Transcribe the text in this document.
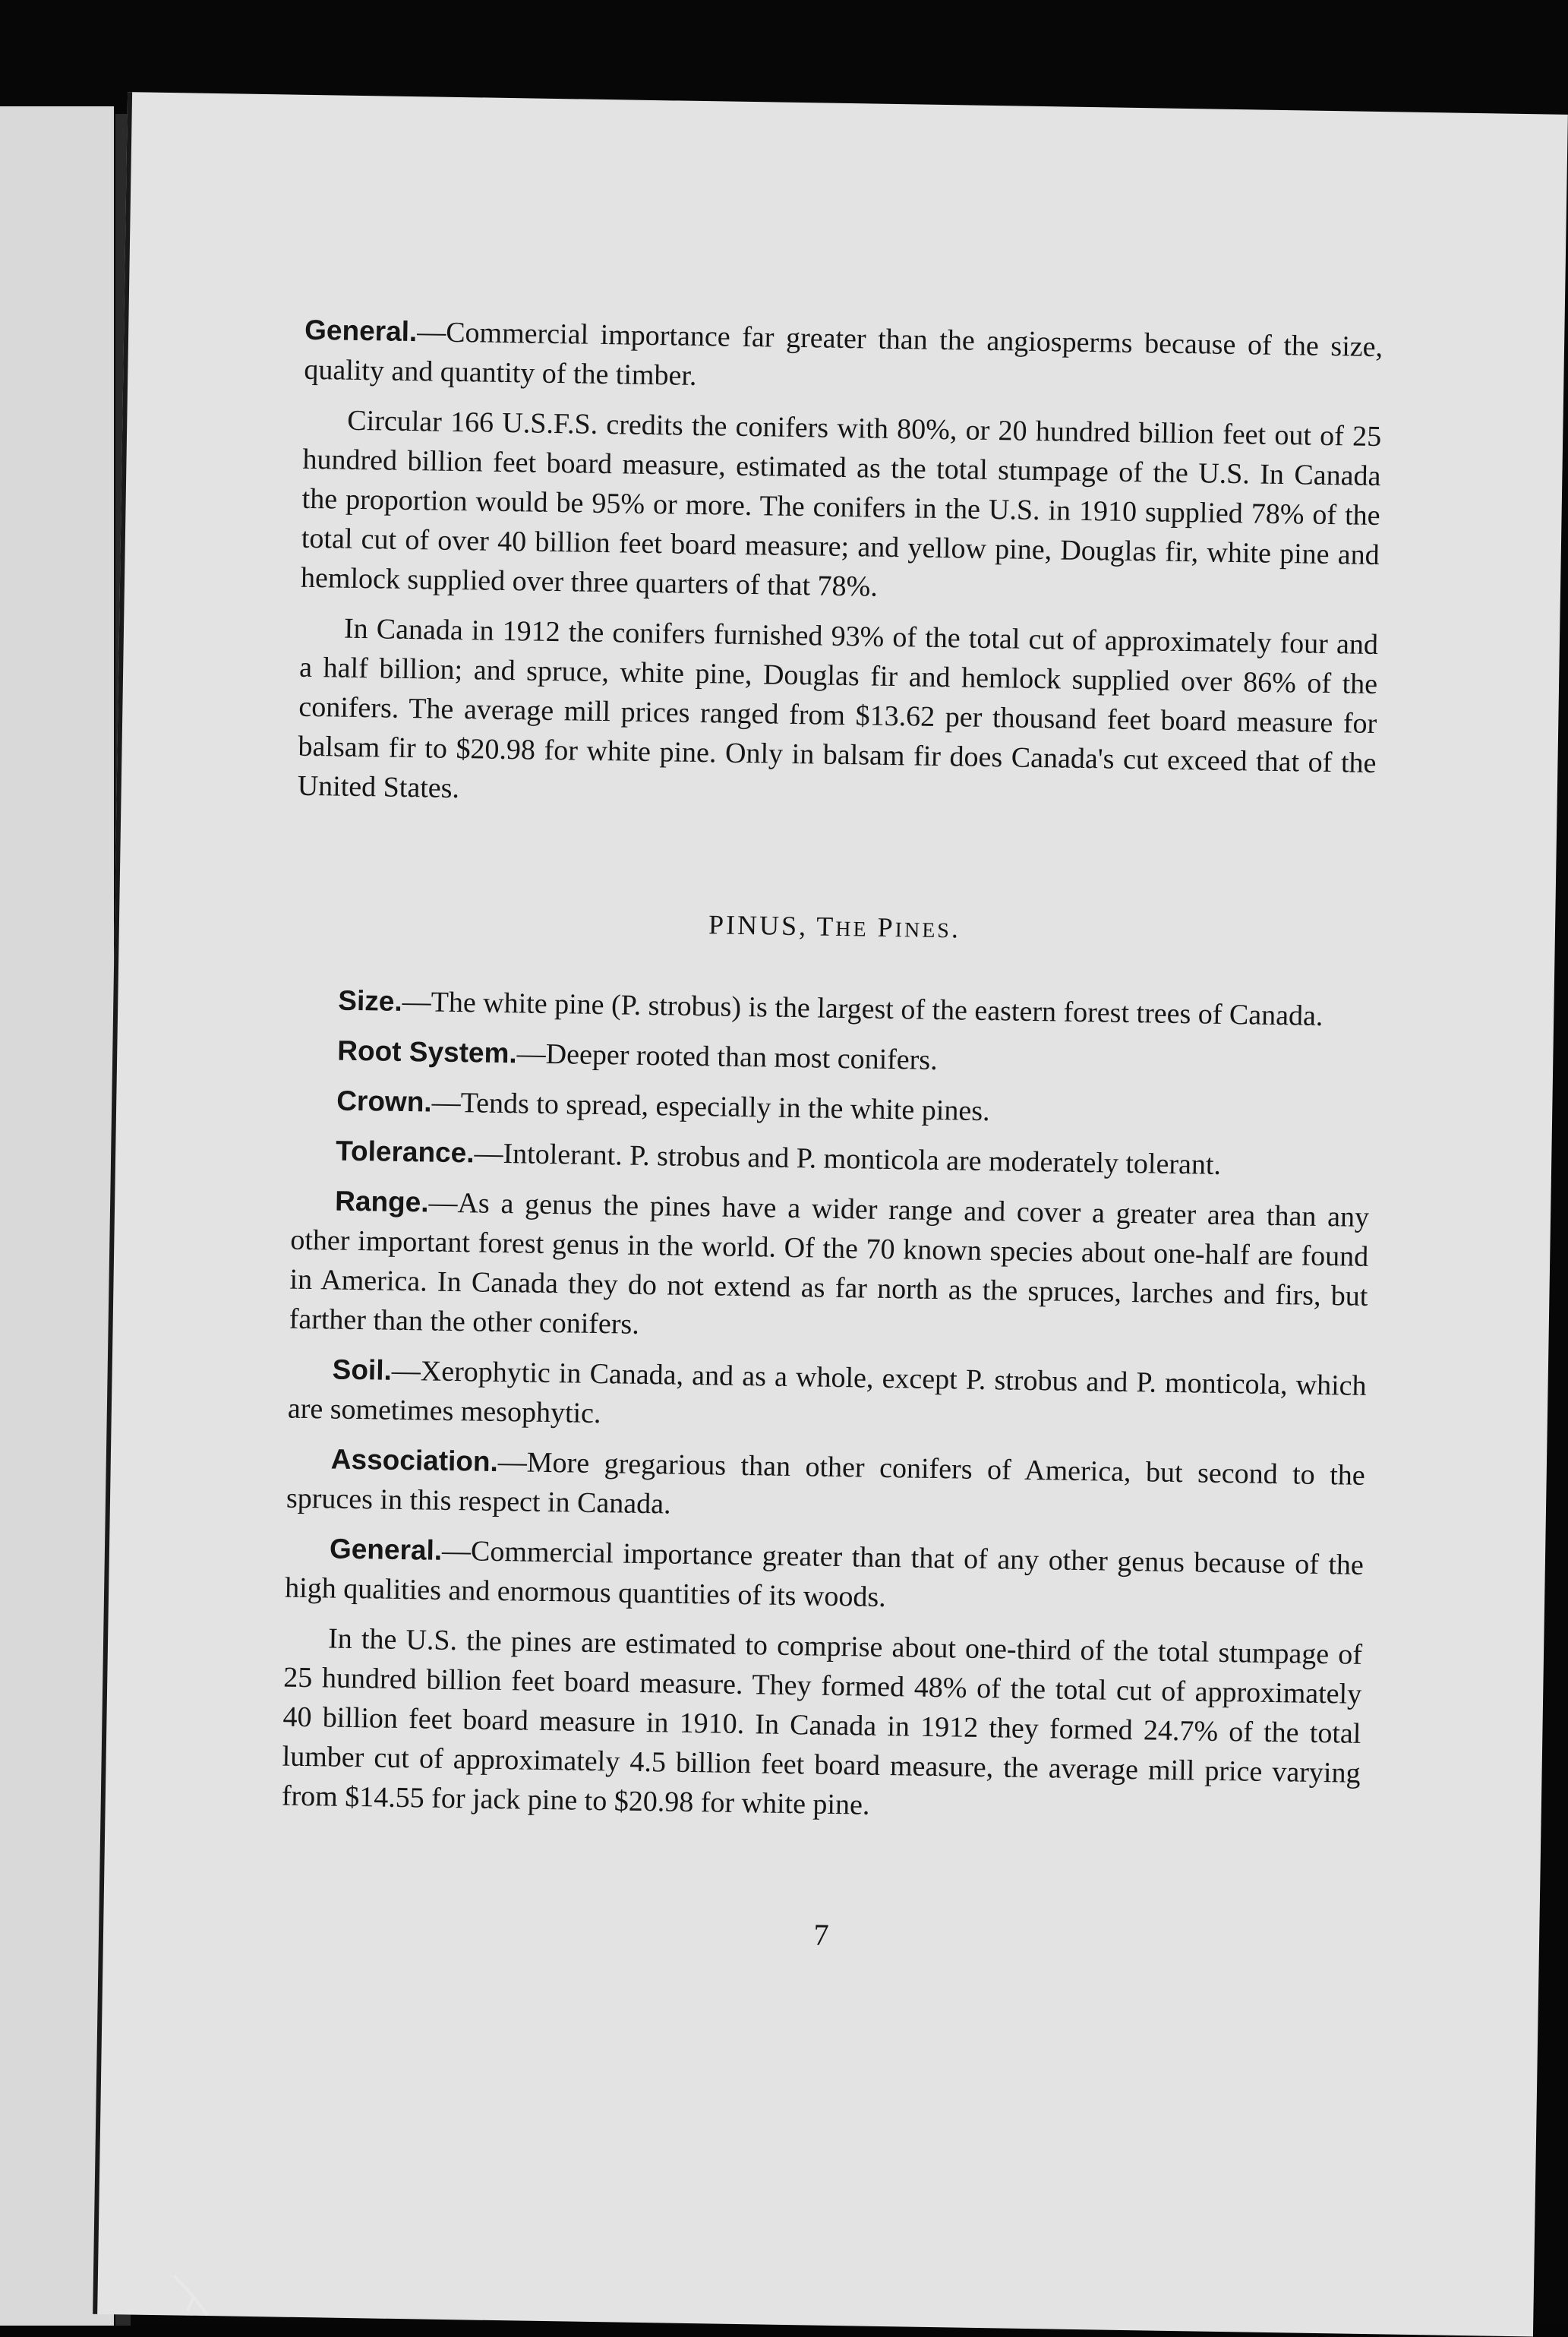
General.—Commercial importance far greater than the angiosperms because of the size, quality and quantity of the timber.

Circular 166 U.S.F.S. credits the conifers with 80%, or 20 hundred billion feet out of 25 hundred billion feet board measure, estimated as the total stumpage of the U.S. In Canada the proportion would be 95% or more. The conifers in the U.S. in 1910 supplied 78% of the total cut of over 40 billion feet board measure; and yellow pine, Douglas fir, white pine and hemlock supplied over three quarters of that 78%.

In Canada in 1912 the conifers furnished 93% of the total cut of approximately four and a half billion; and spruce, white pine, Douglas fir and hemlock supplied over 86% of the conifers. The average mill prices ranged from $13.62 per thousand feet board measure for balsam fir to $20.98 for white pine. Only in balsam fir does Canada's cut exceed that of the United States.

PINUS, THE PINES.

Size.—The white pine (P. strobus) is the largest of the eastern forest trees of Canada.

Root System.—Deeper rooted than most conifers.

Crown.—Tends to spread, especially in the white pines.

Tolerance.—Intolerant. P. strobus and P. monticola are moderately tolerant.

Range.—As a genus the pines have a wider range and cover a greater area than any other important forest genus in the world. Of the 70 known species about one-half are found in America. In Canada they do not extend as far north as the spruces, larches and firs, but farther than the other conifers.

Soil.—Xerophytic in Canada, and as a whole, except P. strobus and P. monticola, which are sometimes mesophytic.

Association.—More gregarious than other conifers of America, but second to the spruces in this respect in Canada.

General.—Commercial importance greater than that of any other genus because of the high qualities and enormous quantities of its woods.

In the U.S. the pines are estimated to comprise about one-third of the total stumpage of 25 hundred billion feet board measure. They formed 48% of the total cut of approximately 40 billion feet board measure in 1910. In Canada in 1912 they formed 24.7% of the total lumber cut of approximately 4.5 billion feet board measure, the average mill price varying from $14.55 for jack pine to $20.98 for white pine.

7
